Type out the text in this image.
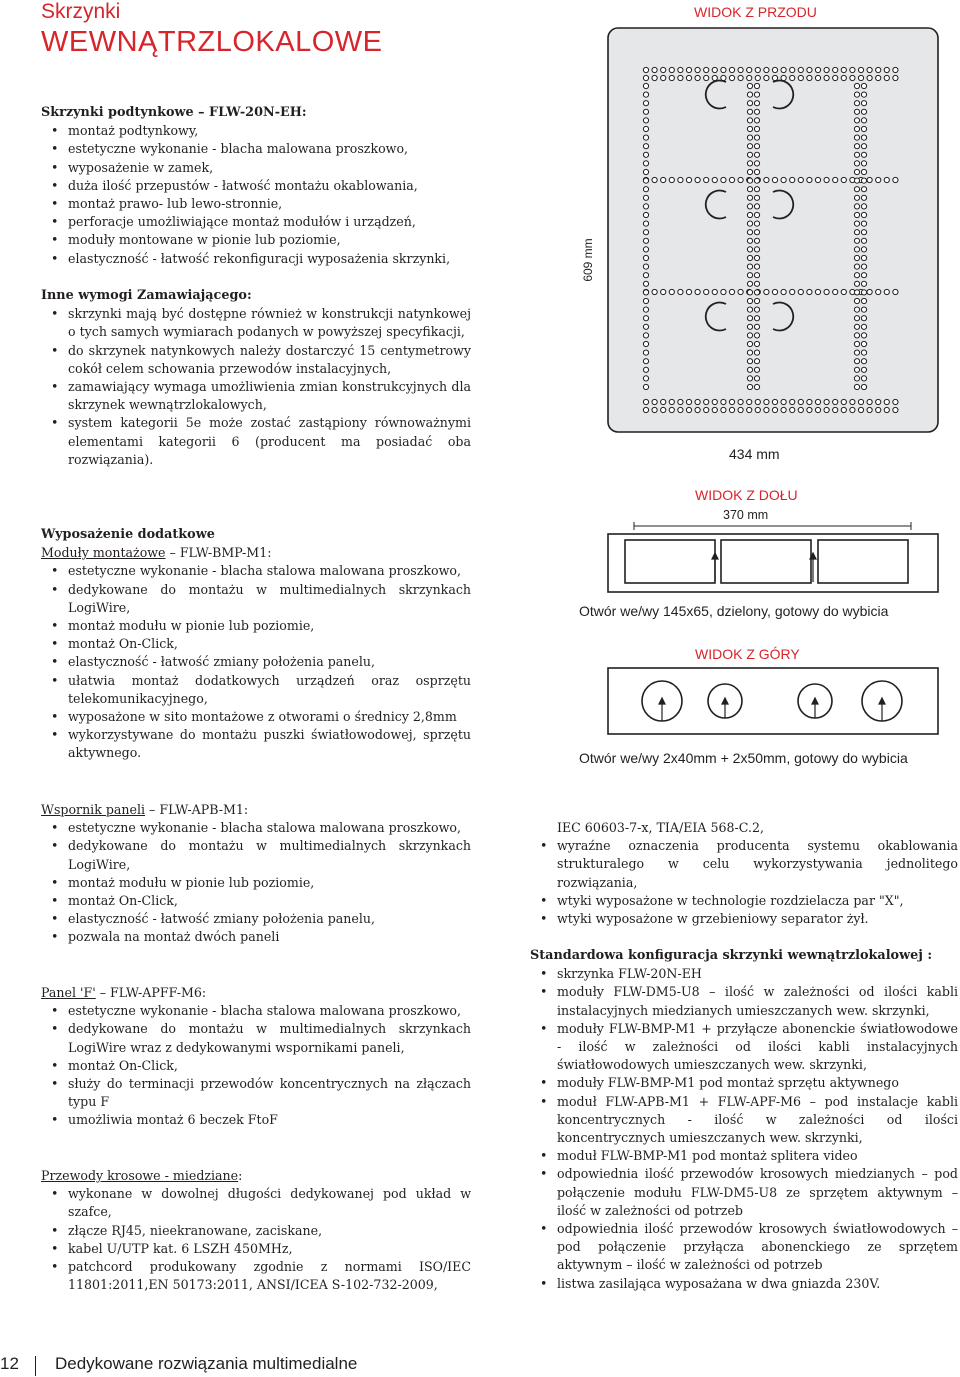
Skrzynki
WEWNĄTRZLOKALOWE
Skrzynki podtynkowe – FLW-20N-EH:
• montaż podtynkowy,
• estetyczne wykonanie - blacha malowana proszkowo,
• wyposażenie w zamek,
• duża ilość przepustów - łatwość montażu okablowania,
• montaż prawo- lub lewo-stronnie,
• perforacje umożliwiające montaż modułów i urządzeń,
• moduły montowane w pionie lub poziomie,
• elastyczność - łatwość rekonfiguracji wyposażenia skrzynki,
Inne wymogi Zamawiającego:
• skrzynki mają być dostępne również w konstrukcji natynkowej o tych samych wymiarach podanych w powyższej specyfikacji,
• do skrzynek natynkowych należy dostarczyć 15 centymetrowy cokół celem schowania przewodów instalacyjnych,
• zamawiający wymaga umożliwienia zmian konstrukcyjnych dla skrzynek wewnątrzlokalowych,
• system kategorii 5e może zostać zastąpiony równoważnymi elementami kategorii 6 (producent ma posiadać oba rozwiązania).
Wyposażenie dodatkowe
Moduły montażowe – FLW-BMP-M1:
• estetyczne wykonanie - blacha stalowa malowana proszkowo,
• dedykowane do montażu w multimedialnych skrzynkach LogiWire,
• montaż modułu w pionie lub poziomie,
• montaż On-Click,
• elastyczność - łatwość zmiany położenia panelu,
• ułatwia montaż dodatkowych urządzeń oraz osprzętu telekomunikacyjnego,
• wyposażone w sito montażowe z otworami o średnicy 2,8mm
• wykorzystywane do montażu puszki światłowodowej, sprzętu aktywnego.
Wspornik paneli – FLW-APB-M1:
• estetyczne wykonanie - blacha stalowa malowana proszkowo,
• dedykowane do montażu w multimedialnych skrzynkach LogiWire,
• montaż modułu w pionie lub poziomie,
• montaż On-Click,
• elastyczność - łatwość zmiany położenia panelu,
• pozwala na montaż dwóch paneli
Panel 'F' – FLW-APFF-M6:
• estetyczne wykonanie - blacha stalowa malowana proszkowo,
• dedykowane do montażu w multimedialnych skrzynkach LogiWire wraz z dedykowanymi wspornikami paneli,
• montaż On-Click,
• służy do terminacji przewodów koncentrycznych na złączach typu F
• umożliwia montaż 6 beczek FtoF
Przewody krosowe - miedziane:
• wykonane w dowolnej długości dedykowanej pod układ w szafce,
• złącze RJ45, nieekranowane, zaciskane,
• kabel U/UTP kat. 6 LSZH 450MHz,
• patchcord produkowany zgodnie z normami ISO/IEC 11801:2011,EN 50173:2011, ANSI/ICEA S-102-732-2009,
IEC 60603-7-x, TIA/EIA 568-C.2,
• wyraźne oznaczenia producenta systemu okablowania strukturalego w celu wykorzystywania jednolitego rozwiązania,
• wtyki wyposażone w technologie rozdzielacza par "X",
• wtyki wyposażone w grzebieniowy separator żył.
Standardowa konfiguracja skrzynki wewnątrzlokalowej :
• skrzynka FLW-20N-EH
• moduły FLW-DM5-U8 – ilość w zależności od ilości kabli instalacyjnych miedzianych umieszczanych wew. skrzynki,
• moduły FLW-BMP-M1 + przyłącze abonenckie światłowodowe - ilość w zależności od ilości kabli instalacyjnych światłowodowych umieszczanych wew. skrzynki,
• moduły FLW-BMP-M1 pod montaż sprzętu aktywnego
• moduł FLW-APB-M1 + FLW-APF-M6 – pod instalacje kabli koncentrycznych - ilość w zależności od ilości koncentrycznych umieszczanych wew. skrzynki,
• moduł FLW-BMP-M1 pod montaż splitera video
• odpowiednia ilość przewodów krosowych miedzianych – pod połączenie modułu FLW-DM5-U8 ze sprzętem aktywnym – ilość w zależności od potrzeb
• odpowiednia ilość przewodów krosowych światłowodowych – pod połączenie przyłącza abonenckiego ze sprzętem aktywnym – ilość w zależności od potrzeb
• listwa zasilająca wyposażana w dwa gniazda 230V.
WIDOK Z PRZODU
609 mm
434 mm
WIDOK Z DOŁU
370 mm
Otwór we/wy 145x65, dzielony, gotowy do wybicia
WIDOK Z GÓRY
Otwór we/wy 2x40mm + 2x50mm, gotowy do wybicia
12 Dedykowane rozwiązania multimedialne
